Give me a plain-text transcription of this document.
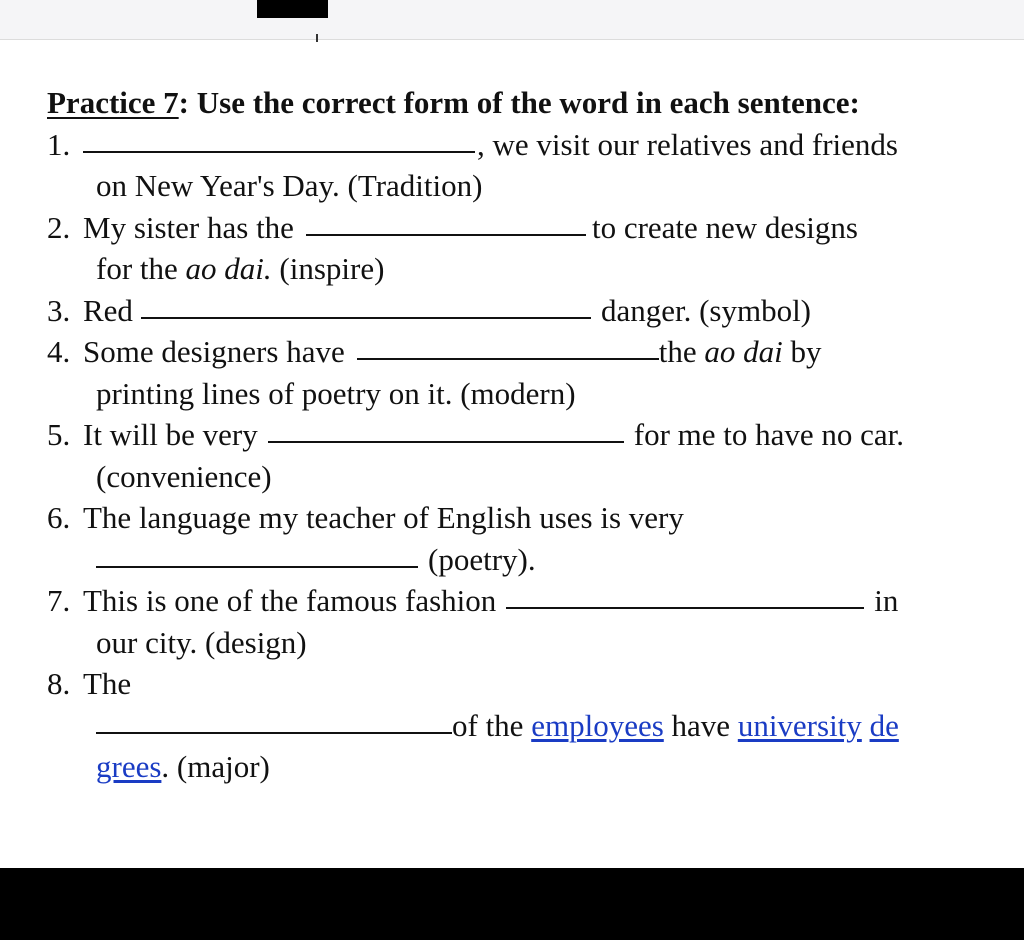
Practice 7: Use the correct form of the word in each sentence:

1.	, we visit our relatives and friends
on New Year's Day. (Tradition)
2. My sister has the	to create new designs
for the ao dai. (inspire)
3. Red	danger. (symbol)
4. Some designers have	the ao dai by
printing lines of poetry on it. (modern)
5. It will be very	for me to have no car.
(convenience)
6. The language my teacher of English uses is very
(poetry).
7. This is one of the famous fashion	in
our city. (design)
8. The
of the employees have university
de
grees. (major)
